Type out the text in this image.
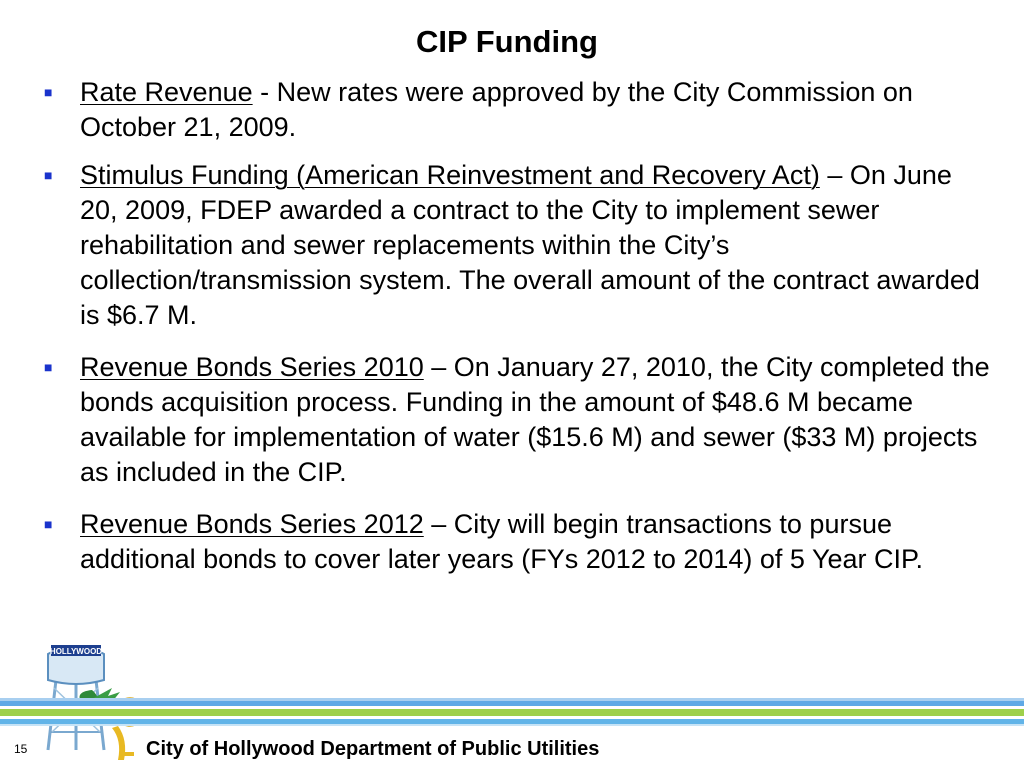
CIP Funding
HOLLYWOOD
■ Rate Revenue - New rates were approved by the City Commission on October 21, 2009.
■ Stimulus Funding (American Reinvestment and Recovery Act) – On June 20, 2009, FDEP awarded a contract to the City to implement sewer rehabilitation and sewer replacements within the City’s collection/transmission system. The overall amount of the contract awarded is $6.7 M.
■ Revenue Bonds Series 2010 – On January 27, 2010, the City completed the bonds acquisition process. Funding in the amount of $48.6 M became available for implementation of water ($15.6 M) and sewer ($33 M) projects as included in the CIP.
■ Revenue Bonds Series 2012 – City will begin transactions to pursue additional bonds to cover later years (FYs 2012 to 2014) of 5 Year CIP.
15	City of Hollywood Department of Public Utilities
